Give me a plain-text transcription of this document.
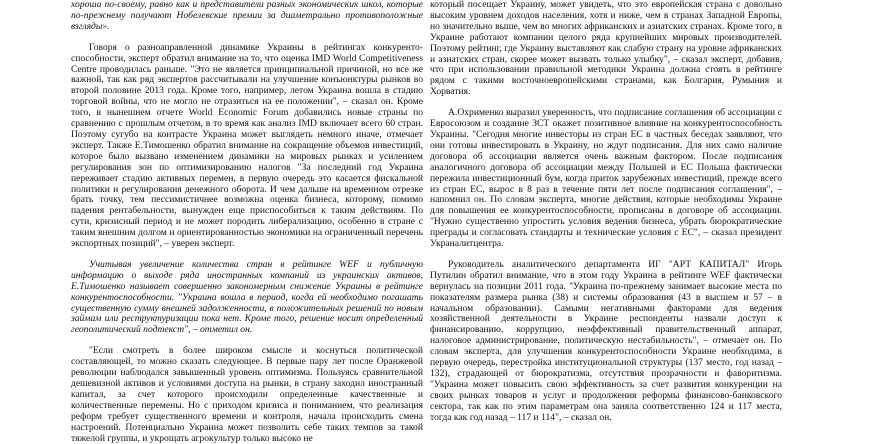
хороша по-своему, равно как и представители разных экономических школ, которые по-прежнему получают Нобелевские премии за диаметрально противоположные взгляды».

Говоря о разноаправленной динамике Украины в рейтингах конкуренто-способности, эксперт обратил внимание на то, что оценка IMD World Competitiveness Centre проводилась раньше. "Это не является принципиальной причиной, но все же важной, так как ряд экспертов рассчитывали на улучшение конъюнктуры рынков во второй половине 2013 года. Кроме того, например, летом Украина вошла в стадию торговой войны, что не могло не отразиться на ее положении", – сказал он. Кроме того, в нынешнем отчете World Economic Forum добавились новые страны по сравнению с прошлым отчетом, в то время как анализ IMD включает всего 60 стран. Поэтому сугубо на контрасте Украина может выглядеть немного иначе, отмечает эксперт. Также Е.Тимошенко обратил внимание на сокращение объемов инвестиций, которое было вызвано изменением динамики на мировых рынках и усилением регулирования зон по оптимизированию налогов "За последний год Украина переживает стадию активных перемен, в первую очередь это касается фискальной политики и регулирования денежного оборота. И чем дальше на временном отрезке брать точку, тем пессимистичнее возможна оценка бизнеса, которому, помимо падения рентабельности, вынужден еще приспособиться к таким действиям. По сути, кризисный период и не может породить либерализацию, особенно в стране с таким внешним долгом и ориентированностью экономики на ограниченный перечень экспортных позиций", – уверен эксперт.

Учитывая увеличение количества стран в рейтинге WEF и публичную информацию о выходе ряда иностранных компаний из украинских активов, Е.Тимошенко называет совершенно закономерным снижение Украины в рейтинге конкурентоспособности. "Украина вошла в период, когда ей необходимо погашать существенную сумму внешней задолженности, в положительных решений по новым займам или реструктуризации пока нет. Кроме того, решение носит определенный геополитический подтекст", – отметил он.

"Если смотреть в более широком смысле и коснуться политической составляющей, то можно сказать следующее. В первые пару лет после Оранжевой революции наблюдался завышенный уровень оптимизма. Пользуясь сравнительной дешевизной активов и условиями доступа на рынки, в страну заходил иностранный капитал, за счет которого происходили определенные качественные и количественные перемены. Но с приходом кризиса и пониманием, что реализация реформ требует существенного времени и контроля, начала происходить смена настроений. Потенциально Украина может позволить себе таких темпов за такой тяжелой группы, и укрощать агрокультур только высоко не

который посещает Украину, может увидеть, что это европейская страна с довольно высоким уровнем доходов населения, хотя и ниже, чем в странах Западной Европы, но значительно выше, чем во многих африканских и азиатских странах. Кроме того, в Украине работают компании целого ряда крупнейших мировых производителей. Поэтому рейтинг, где Украину выставляют как слабую страну на уровне африканских и азиатских стран, скорее может вызвать только улыбку", – сказал эксперт, добавив, что при использовании правильной методики Украина должна стоять в рейтинге рядом с такими восточноевропейскими странами, как Болгария, Румыния и Хорватия.

А.Охрименко выразил уверенность, что подписание соглашения об ассоциации с Евросоюзом и создание ЗСТ окажет позитивное влияние на конкурентоспособность Украины. "Сегодня многие инвесторы из стран ЕС в частных беседах заявляют, что они готовы инвестировать в Украину, но ждут подписания. Для них само наличие договора об ассоциации является очень важным фактором. После подписания аналогичного договора об ассоциации между Польшей и ЕС Польша фактически пережила инвестиционный бум, когда приток зарубежных инвестиций, прежде всего из стран ЕС, вырос в 8 раз в течение пяти лет после подписания соглашения", – напомнил он. По словам эксперта, многие действия, которые необходимы Украине для повышения ее конкурентоспособности, прописаны в договоре об ассоциации. "Нужно существенно упростить условия ведения бизнеса, убрать бюрократические преграды и согласовать стандарты и технические условия с ЕС", – сказал президент Украналитцентра.

Руководитель аналитического департамента ИГ "АРТ КАПИТАЛ" Игорь Путилин обратил внимание, что в этом году Украина в рейтинге WEF фактически вернулась на позиции 2011 года. "Украина по-прежнему занимает высокие места по показателям размера рынка (38) и системы образования (43 в высшем и 57 – в начальном образовании). Самыми негативными факторами для ведения хозяйственной деятельности в Украине респонденты назвали доступ к финансированию, коррупцию, неэффективный правительственный аппарат, налоговое администрирование, политическую нестабильность", – отмечает он. По словам эксперта, для улучшения конкурентоспособности Украине необходима, в первую очередь, перестройка институциональной структуры (137 место, год назад – 132), страдающей от бюрократизма, отсутствия прозрачности и фаворитизма. "Украина может повысить свою эффективность за счет развития конкуренции на своих рынках товаров и услуг и продолжения реформы финансово-банковского сектора, так как по этим параметрам она заняла соответственно 124 и 117 места, тогда как год назад – 117 и 114", – сказал он.
